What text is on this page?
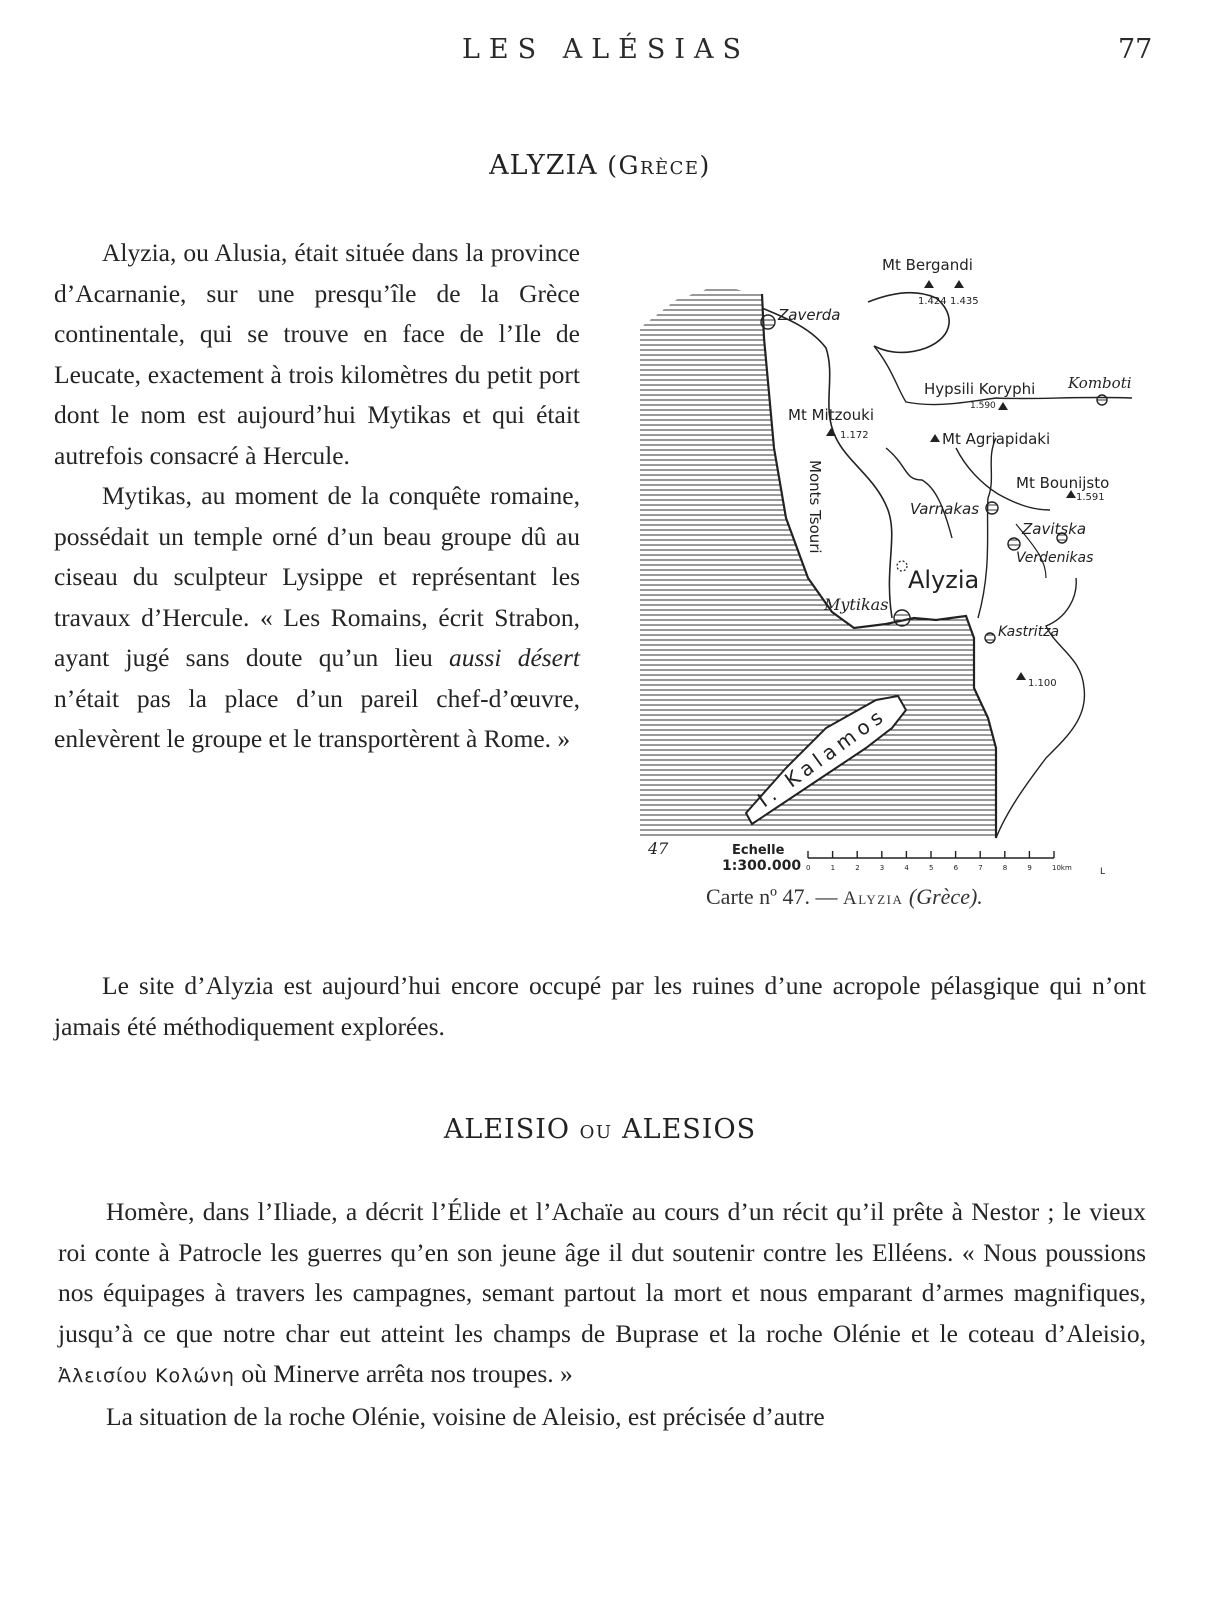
LES ALÉSIAS	77
ALYZIA (Grèce)

Alyzia, ou Alusia, était située dans la province d’Acarnanie, sur une presqu’île de la Grèce continentale, qui se trouve en face de l’Ile de Leucate, exactement à trois kilomètres du petit port dont le nom est aujourd’hui Mytikas et qui était autrefois consacré à Hercule.

Mytikas, au moment de la conquête romaine, possédait un temple orné d’un beau groupe dû au ciseau du sculpteur Lysippe et représentant les travaux d’Hercule. « Les Romains, écrit Strabon, ayant jugé sans doute qu’un lieu aussi désert n’était pas la place d’un pareil chef-d’œuvre, enlevèrent le groupe et le transportèrent à Rome. »

Mt Bergandi
1.424 1.435
Zaverda
Hypsili Koryphi
1.590
Komboti
Mt Mitzouki
1.172	Mt Agriapidaki
Mt Bounijsto
1.591
Monts Tsouri	Varnakas
Zavitska
Verdenikas
Alyzia
Mytikas
Kastritza
1.100
I. Kalamos
47	Echelle
1:300.000 0	1	2	3	4	5	6	7	8	9	10km	L
Carte nº 47. — Alyzia (Grèce).

Le site d’Alyzia est aujourd’hui encore occupé par les ruines d’une acropole pélasgique qui n’ont jamais été méthodiquement explorées.

ALEISIO ou ALESIOS

Homère, dans l’Iliade, a décrit l’Élide et l’Achaïe au cours d’un récit qu’il prête à Nestor ; le vieux roi conte à Patrocle les guerres qu’en son jeune âge il dut soutenir contre les Elléens. « Nous poussions nos équipages à travers les campagnes, semant partout la mort et nous emparant d’armes magnifiques, jusqu’à ce que notre char eut atteint les champs de Buprase et la roche Olénie et le coteau d’Aleisio, Ἀλεισίου Κολώνη où Minerve arrêta nos troupes. »

La situation de la roche Olénie, voisine de Aleisio, est précisée d’autre
